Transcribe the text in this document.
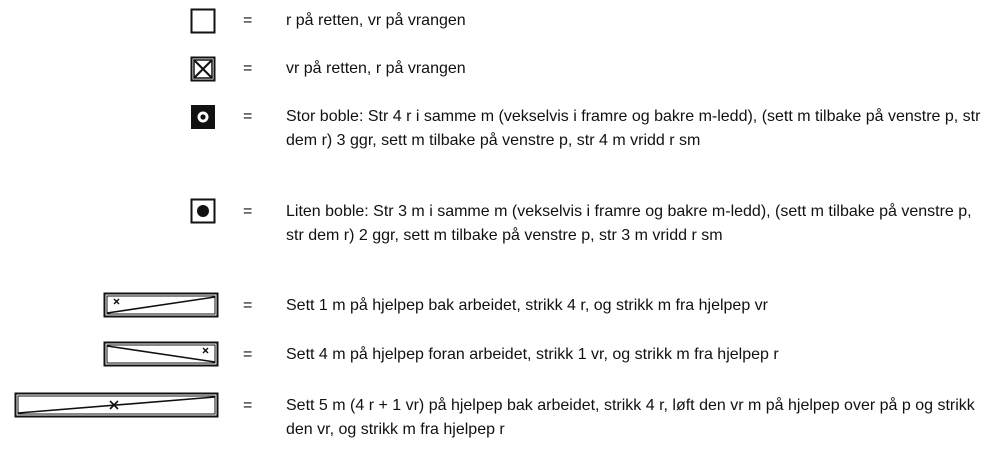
= r på retten, vr på vrangen
= vr på retten, r på vrangen
= Stor boble: Str 4 r i samme m (vekselvis i framre og bakre m-ledd), (sett m tilbake på venstre p, str dem r) 3 ggr, sett m tilbake på venstre p, str 4 m vridd r sm
= Liten boble: Str 3 m i samme m (vekselvis i framre og bakre m-ledd), (sett m tilbake på venstre p, str dem r) 2 ggr, sett m tilbake på venstre p, str 3 m vridd r sm
= Sett 1 m på hjelpep bak arbeidet, strikk 4 r, og strikk m fra hjelpep vr
= Sett 4 m på hjelpep foran arbeidet, strikk 1 vr, og strikk m fra hjelpep r
= Sett 5 m (4 r + 1 vr) på hjelpep bak arbeidet, strikk 4 r, løft den vr m på hjelpep over på p og strikk den vr, og strikk m fra hjelpep r
